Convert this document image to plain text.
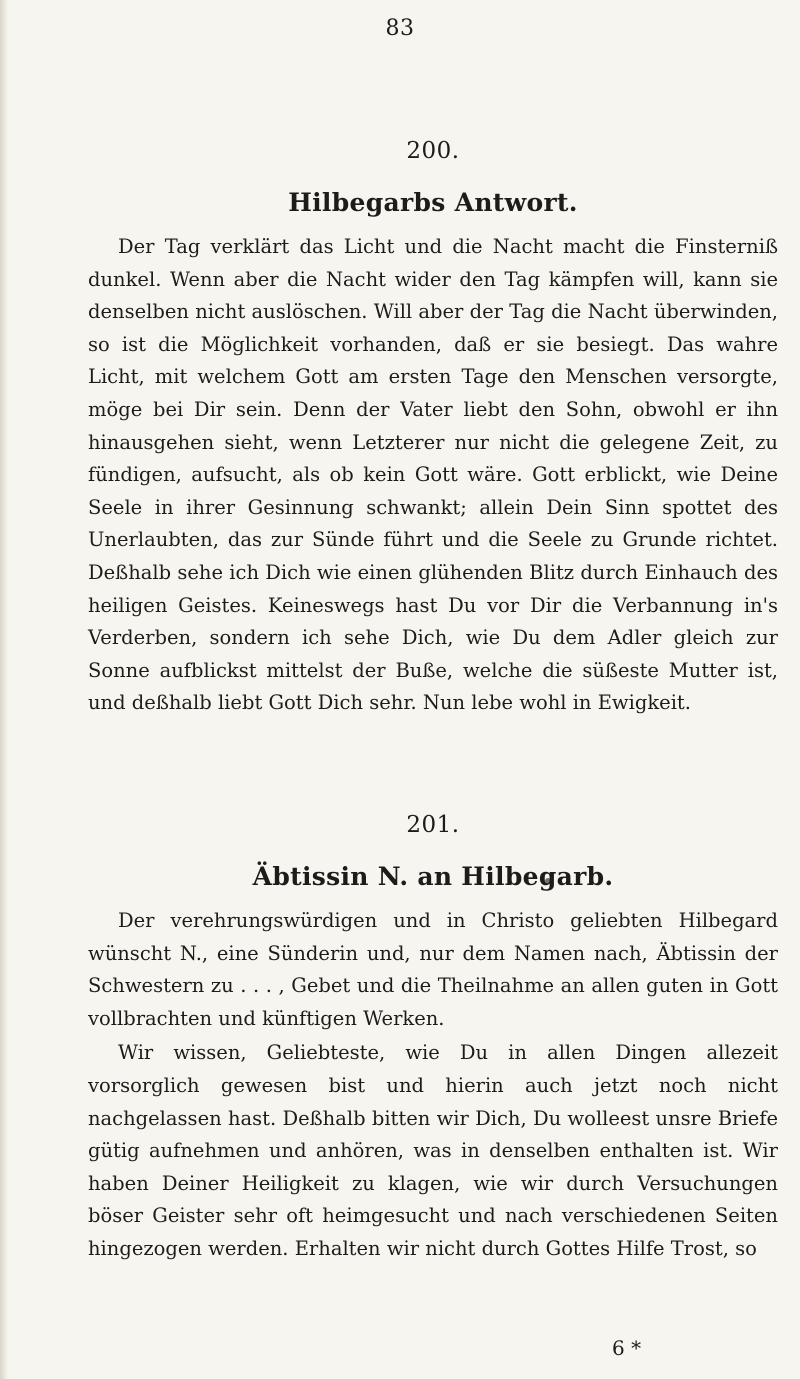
83
200.
Hilbegarbs Antwort.

Der Tag verklärt das Licht und die Nacht macht die Finsterniß dunkel. Wenn aber die Nacht wider den Tag kämpfen will, kann sie denselben nicht auslöschen. Will aber der Tag die Nacht überwinden, so ist die Möglichkeit vorhanden, daß er sie besiegt. Das wahre Licht, mit welchem Gott am ersten Tage den Menschen versorgte, möge bei Dir sein. Denn der Vater liebt den Sohn, obwohl er ihn hinausgehen sieht, wenn Letzterer nur nicht die gelegene Zeit, zu fündigen, aufsucht, als ob kein Gott wäre. Gott erblickt, wie Deine Seele in ihrer Gesinnung schwankt; allein Dein Sinn spottet des Unerlaubten, das zur Sünde führt und die Seele zu Grunde richtet. Deßhalb sehe ich Dich wie einen glühenden Blitz durch Einhauch des heiligen Geistes. Keineswegs hast Du vor Dir die Verbannung in's Verderben, sondern ich sehe Dich, wie Du dem Adler gleich zur Sonne aufblickst mittelst der Buße, welche die süßeste Mutter ist, und deßhalb liebt Gott Dich sehr. Nun lebe wohl in Ewigkeit.

201.
Äbtissin N. an Hilbegarb.

Der verehrungswürdigen und in Christo geliebten Hilbegard wünscht N., eine Sünderin und, nur dem Namen nach, Äbtissin der Schwestern zu . . . , Gebet und die Theilnahme an allen guten in Gott vollbrachten und künftigen Werken.

Wir wissen, Geliebteste, wie Du in allen Dingen allezeit vorsorglich gewesen bist und hierin auch jetzt noch nicht nachgelassen hast. Deßhalb bitten wir Dich, Du wolleest unsre Briefe gütig aufnehmen und anhören, was in denselben enthalten ist. Wir haben Deiner Heiligkeit zu klagen, wie wir durch Versuchungen böser Geister sehr oft heimgesucht und nach verschiedenen Seiten hingezogen werden. Erhalten wir nicht durch Gottes Hilfe Trost, so

6 *
